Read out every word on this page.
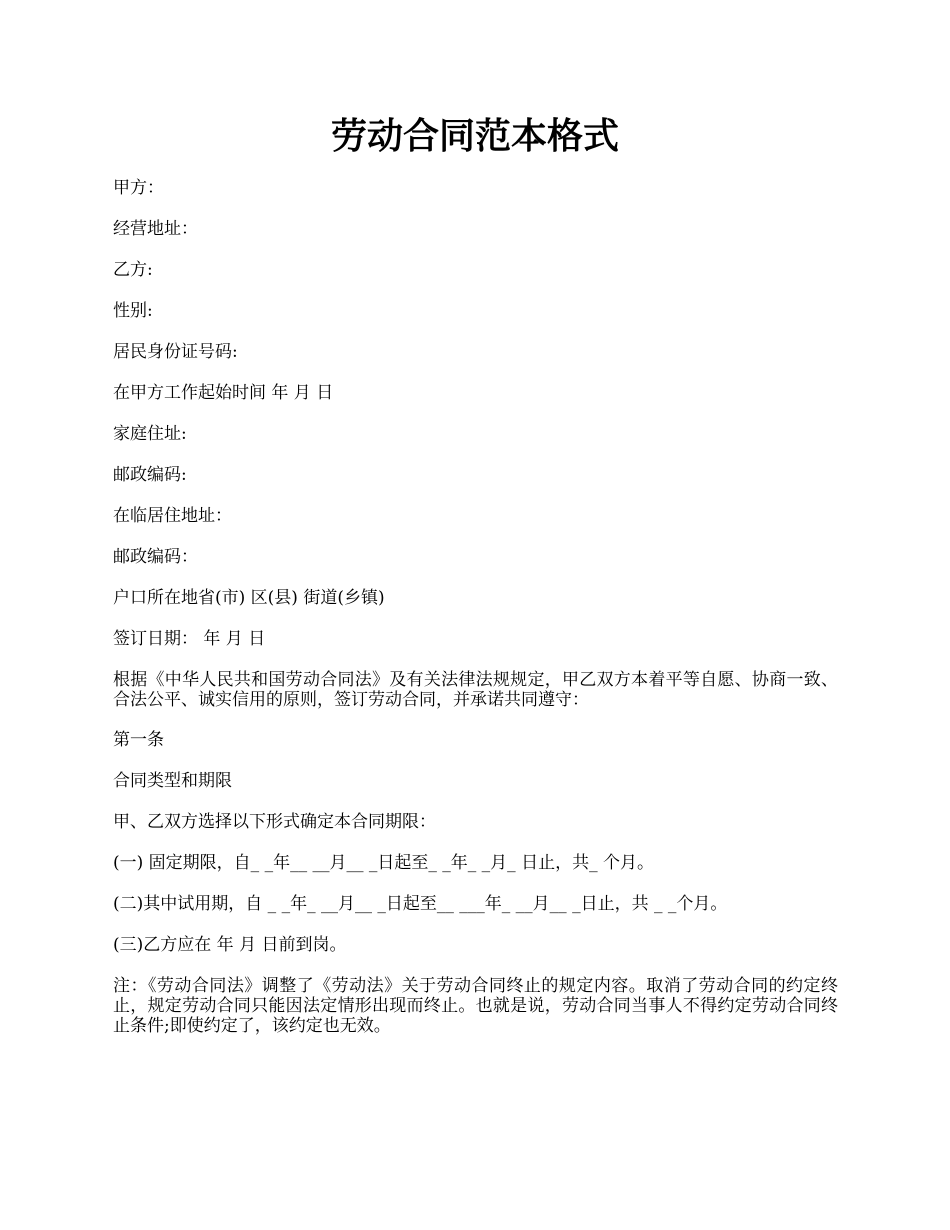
劳动合同范本格式

甲方：

经营地址：

乙方:

性别:

居民身份证号码:

在甲方工作起始时间 年 月 日

家庭住址:

邮政编码:

在临居住地址：

邮政编码：

户口所在地省(市) 区(县) 街道(乡镇)

签订日期： 年 月 日

根据《中华人民共和国劳动合同法》及有关法律法规规定，甲乙双方本着平等自愿、协商一致、合法公平、诚实信用的原则，签订劳动合同，并承诺共同遵守：

第一条

合同类型和期限

甲、乙双方选择以下形式确定本合同期限：

(一) 固定期限，自_ _年__ __月__ _日起至_ _年_ _月_ 日止，共_ 个月。

(二)其中试用期，自 _ _年_ __月__ _日起至__ ___年_ __月__ _日止，共 _ _个月。

(三)乙方应在 年 月 日前到岗。

注：《劳动合同法》调整了《劳动法》关于劳动合同终止的规定内容。取消了劳动合同的约定终止，规定劳动合同只能因法定情形出现而终止。也就是说，劳动合同当事人不得约定劳动合同终止条件;即使约定了，该约定也无效。
